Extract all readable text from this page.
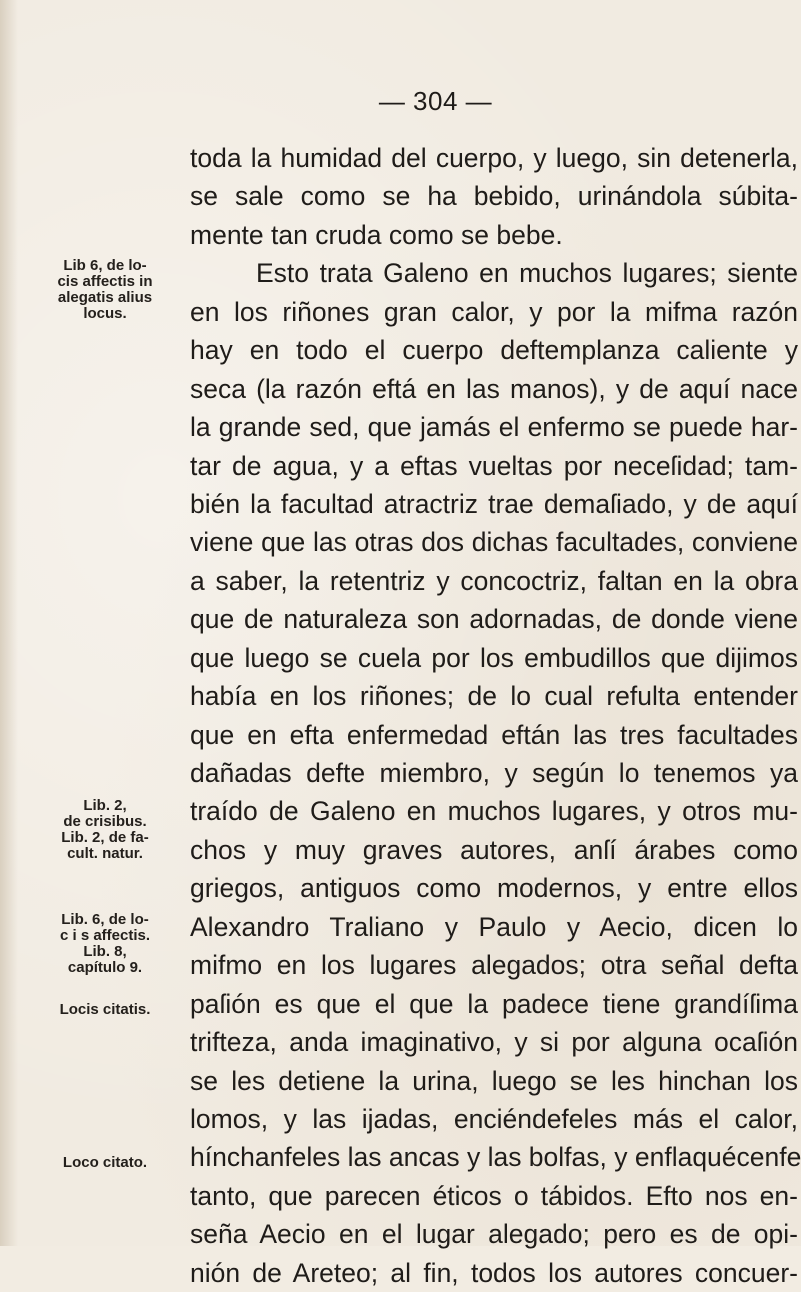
— 304 —
toda la humidad del cuerpo, y luego, sin detenerla,
se sale como se ha bebido, urinándola súbita-
mente tan cruda como se bebe.
Esto trata Galeno en muchos lugares; siente
en los riñones gran calor, y por la mifma razón
hay en todo el cuerpo deftemplanza caliente y
seca (la razón eftá en las manos), y de aquí nace
la grande sed, que jamás el enfermo se puede har-
tar de agua, y a eftas vueltas por neceſidad; tam-
bién la facultad atractriz trae demaſiado, y de aquí
viene que las otras dos dichas facultades, conviene
a saber, la retentriz y concoctriz, faltan en la obra
que de naturaleza son adornadas, de donde viene
que luego se cuela por los embudillos que dijimos
había en los riñones; de lo cual refulta entender
que en efta enfermedad eftán las tres facultades
dañadas defte miembro, y según lo tenemos ya
traído de Galeno en muchos lugares, y otros mu-
chos y muy graves autores, anſí árabes como
griegos, antiguos como modernos, y entre ellos
Alexandro Traliano y Paulo y Aecio, dicen lo
mifmo en los lugares alegados; otra señal defta
paſión es que el que la padece tiene grandíſima
trifteza, anda imaginativo, y si por alguna ocaſión
se les detiene la urina, luego se les hinchan los
lomos, y las ijadas, enciéndefeles más el calor,
hínchanfeles las ancas y las bolfas, y enflaquécenfe
tanto, que parecen éticos o tábidos. Efto nos en-
seña Aecio en el lugar alegado; pero es de opi-
nión de Areteo; al fin, todos los autores concuer-
Lib 6, de lo-
cis affectis in
alegatis alius
locus.
Lib. 2,
de crisibus.
Lib. 2, de fa-
cult. natur.
Lib. 6, de lo-
c i s affectis.
Lib. 8,
capítulo 9.
Locis citatis.
Loco citato.
